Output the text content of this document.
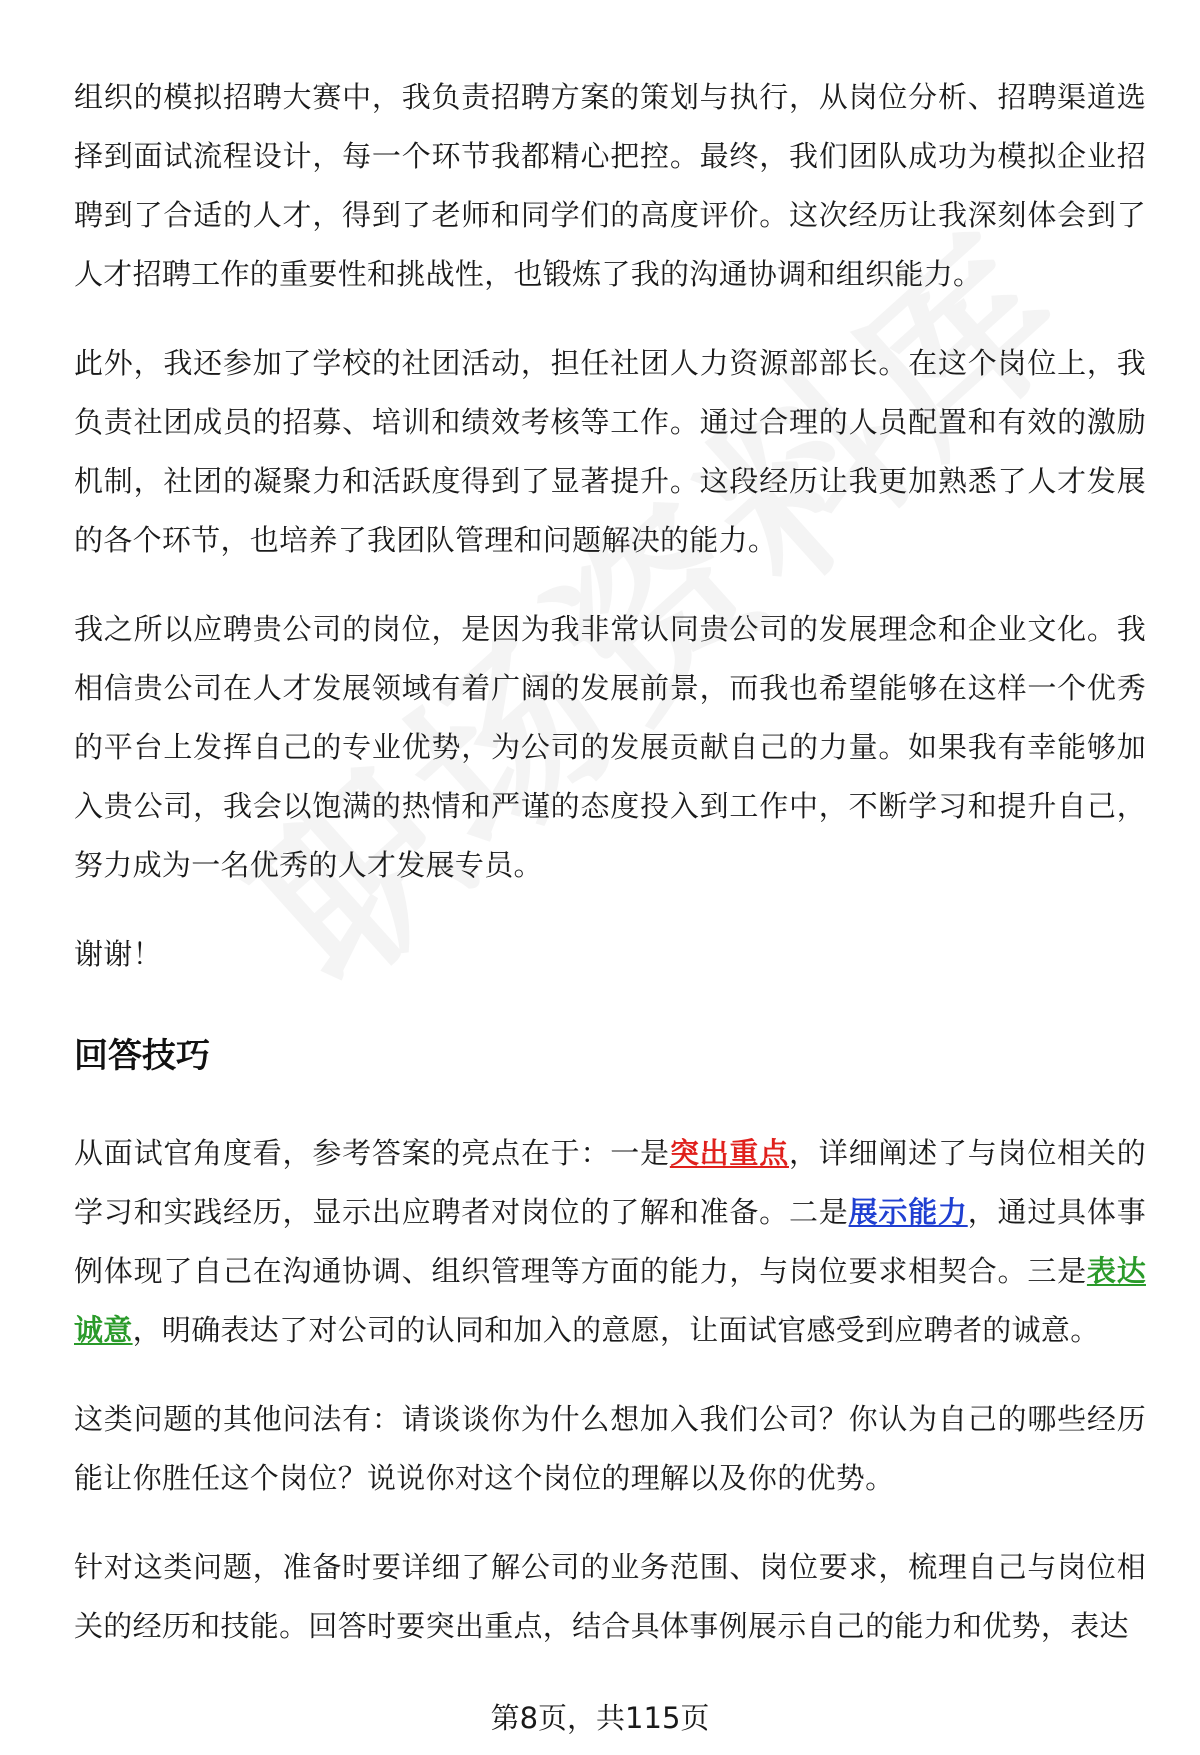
组织的模拟招聘大赛中，我负责招聘方案的策划与执行，从岗位分析、招聘渠道选择到面试流程设计，每一个环节我都精心把控。最终，我们团队成功为模拟企业招聘到了合适的人才，得到了老师和同学们的高度评价。这次经历让我深刻体会到了人才招聘工作的重要性和挑战性，也锻炼了我的沟通协调和组织能力。

此外，我还参加了学校的社团活动，担任社团人力资源部部长。在这个岗位上，我负责社团成员的招募、培训和绩效考核等工作。通过合理的人员配置和有效的激励机制，社团的凝聚力和活跃度得到了显著提升。这段经历让我更加熟悉了人才发展的各个环节，也培养了我团队管理和问题解决的能力。

我之所以应聘贵公司的岗位，是因为我非常认同贵公司的发展理念和企业文化。我相信贵公司在人才发展领域有着广阔的发展前景，而我也希望能够在这样一个优秀的平台上发挥自己的专业优势，为公司的发展贡献自己的力量。如果我有幸能够加入贵公司，我会以饱满的热情和严谨的态度投入到工作中，不断学习和提升自己，努力成为一名优秀的人才发展专员。

谢谢！

回答技巧

从面试官角度看，参考答案的亮点在于：一是突出重点，详细阐述了与岗位相关的学习和实践经历，显示出应聘者对岗位的了解和准备。二是展示能力，通过具体事例体现了自己在沟通协调、组织管理等方面的能力，与岗位要求相契合。三是表达诚意，明确表达了对公司的认同和加入的意愿，让面试官感受到应聘者的诚意。

这类问题的其他问法有：请谈谈你为什么想加入我们公司？你认为自己的哪些经历能让你胜任这个岗位？说说你对这个岗位的理解以及你的优势。

针对这类问题，准备时要详细了解公司的业务范围、岗位要求，梳理自己与岗位相关的经历和技能。回答时要突出重点，结合具体事例展示自己的能力和优势，表达

第8页，共115页
